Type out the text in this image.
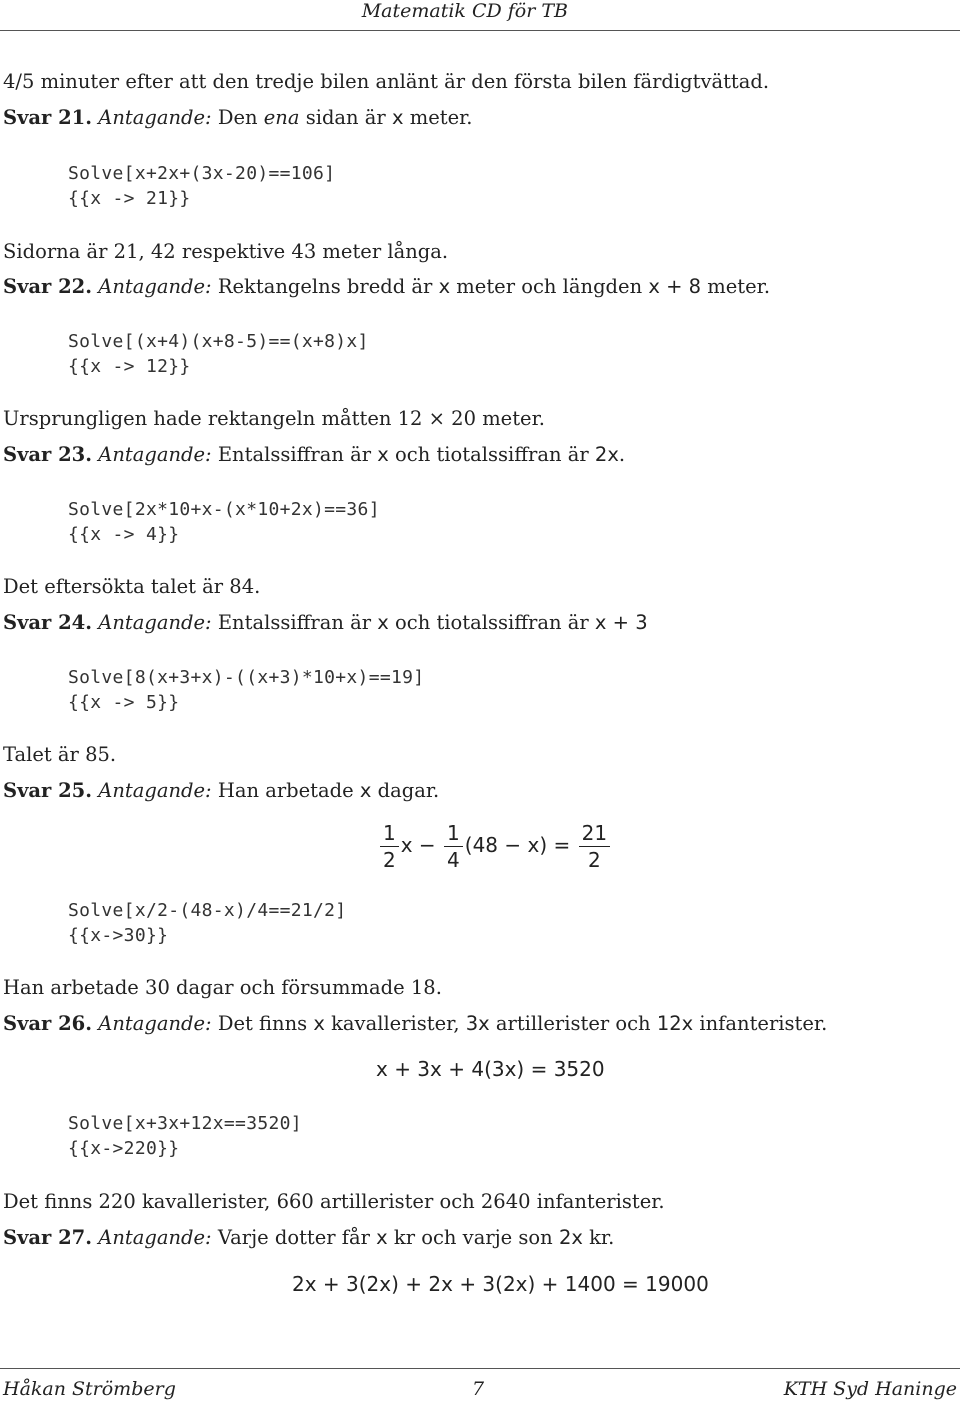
Matematik CD för TB
4/5 minuter efter att den tredje bilen anlänt är den första bilen färdigtvättad.
Svar 21. Antagande: Den ena sidan är x meter.
Solve[x+2x+(3x-20)==106]
{{x -> 21}}
Sidorna är 21, 42 respektive 43 meter långa.
Svar 22. Antagande: Rektangelns bredd är x meter och längden x + 8 meter.
Solve[(x+4)(x+8-5)==(x+8)x]
{{x -> 12}}
Ursprungligen hade rektangeln måtten 12 × 20 meter.
Svar 23. Antagande: Entalssiffran är x och tiotalssiffran är 2x.
Solve[2x*10+x-(x*10+2x)==36]
{{x -> 4}}
Det eftersökta talet är 84.
Svar 24. Antagande: Entalssiffran är x och tiotalssiffran är x + 3
Solve[8(x+3+x)-((x+3)*10+x)==19]
{{x -> 5}}
Talet är 85.
Svar 25. Antagande: Han arbetade x dagar.
$\frac{1}{2}$ $x - \frac{1}{4} (48 - x) = \frac{21}{2}$
Solve[x/2-(48-x)/4==21/2]
{{x->30}}
Han arbetade 30 dagar och försummade 18.
Svar 26. Antagande: Det finns x kavallerister, 3x artillerister och 12x infanterister.
x + 3x + 4(3x) = 3520
Solve[x+3x+12x==3520]
{{x->220}}
Det finns 220 kavallerister, 660 artillerister och 2640 infanterister.
Svar 27. Antagande: Varje dotter får x kr och varje son 2x kr.
2x + 3(2x) + 2x + 3(2x) + 1400 = 19000
Håkan Strömberg	7	KTH Syd Haninge
